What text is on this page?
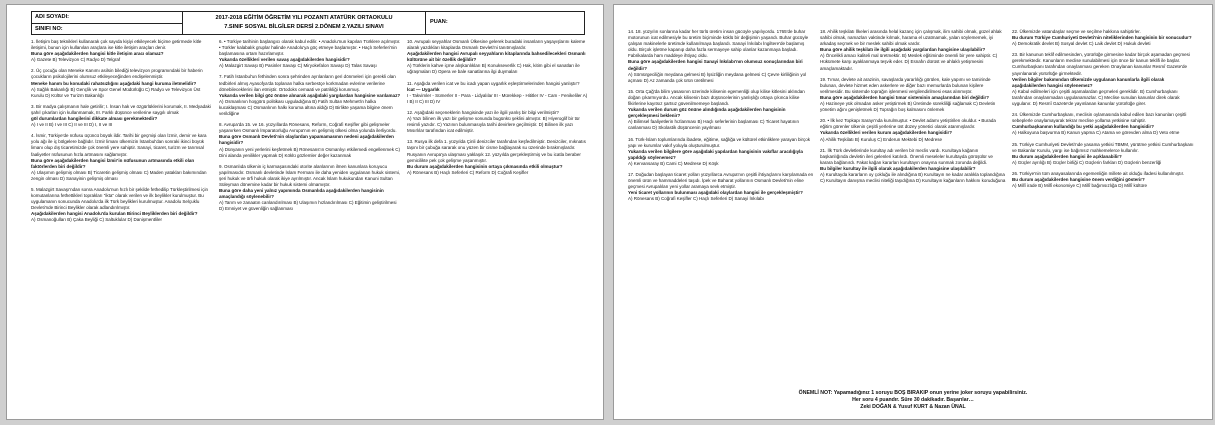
ADI SOYADI:
SINIFI NO:
2017-2018 EĞİTİM ÖĞRETİM YILI POZANTI ATATÜRK ORTAOKULU
7.SINIF SOSYAL BİLGİLER DERSİ 2.DÖNEM 2.YAZILI SINAVI
PUAN:

1. İletişim baş teknikleri kullanarak çok sayıda kişiyi etkileyecek biçime getirmede kitle iletişimi, bunun için kullanılan araçlara ise kitle iletişim araçları denir.

Buna göre aşağıdakilerden hangisi kitle iletişim aracı olamaz?

A) Gazete B) Televizyon C) Radyo D) Telgraf

2. Üç çocuğu olan Meneke Kanımı asilsin bilediği televizyon programındaki bir haberin çocukların psikolojilerini olumsuz etkileyeceğinden endişelenmiştir.

Meneke hanım bu konudaki rahatsızlığını aşağıdaki hangi kuruma iletmelidir?

A) Sağlık Bakanlığı B) Gençlik ve Spor Genel Müdürlüğü C) Radyo ve Televizyon Üst Kurulu D) Kültür ve Turizm Bakanlığı

3. Bir madya çalışmanın hale getirilir; I. İnsan hak ve özgürlüklerini korumak, II. Medyadaki şahıl çıkarları için kullanmamak, III. Farklı düşünce verilerine saygılı olmak

göl durumlardan hangilerini dikkate alması gerekmektedir?

A) I ve II B) I ve III C) II ve III D) I, II ve III

4. İsmir, Türkiye'de nüfusu üçüncü büyük ildir. Tarihi bir geçmişi olan İzmir, demir ve kara yolu ağı ile iç bölgelere bağlıdır. İzmir limanı ülkemizin İstanbul'dan sonraki ikinci büyük limanı olup dış ticaretimizde çok önemli yere sahiptir. Sanayi, ticaret, turizm ve tarımsal faaliyetler nüfusunun hızla artmasını sağlamıştır.

Buna göre aşağıdakilerden hangisi İzmir'in nüfusunun artmasında etkili olan faktörlerden biri değildir?

A) Ulaşımın gelişmiş olması B) Ticaretin gelişmiş olması C) Maden yatakları bakımından zengin olması D) Sanayinin gelişmiş olması

5. Malazgirt Savaşı'ndan sonra Anadolu'nun hızlı bir şekilde fethedilip Türkleştirilmesi için komutanlarına fethettikleri toprakları "ikta" olarak verilen ve ilk beylikler kurulmuştur. Bu uygulamanın sonucunda Anadolu'da ilk Türk beylikleri kurulmuştur. Anadolu Selçuklu Devleti'nde Birinci Beylikler olarak adlandırılmıştır.

Aşağıdakilerden hangisi Anadolu'da kurulan Birinci Beyliklerden biri değildir?

A) Osmanoğulları B) Çaka Beyliği C) Saltuklular D) Danişmentliler

6. • Türkiye tarihinin başlangıcı olarak kabul edilir. • Anadolu'nun kapıları Türklere açılmıştır. • Türkler kalabalık gruplar halinde Anadolu'ya göç etmeye başlamıştır. • Haçlı Seferleri'nin başlamasına ortam hazırlamıştır.

Yukarıda özellikleri verilen savaş aşağıdakilerden hangisidir?

A) Malazgirt Savaşı B) Pasinler Savaşı C) Miryokefalon Savaşı D) Talas Savaşı

7. Fatih İstanbul'un fethinden sonra şehrinden ayrılanların geri dönmeleri için gerekli olan tedbirleri almış Ayasofya'da toplanan halka serbestçe korkmadan evlerine verilerine dönebileceklerini ilan etmiştir. Ortodoks cemaati ve patrikliği korunmuş.

Yukarıda verilen bilgi göz önüne alınarak aşağıdaki yargılardan hangisine varılamaz?

A) Osmanlının hoşgörü politikası uyguladığına B) Fatih Sultan Mehmet'in halka kucaklaşması C) Osmanlının halkı koruma altına aldığı D) Birlikte yaşama bilgine önem verildiğine

8. Avrupa'da 15. ve 16. yüzyıllarda Rönesans, Reform, Coğrafi Keşifler gibi gelişmeler yaşanırken Osmanlı İmparatorluğu Avrupa'nın en gelişmiş ülkesi olma yolunda ilerliyordu.

Buna göre Osmanlı Devleti'nin olaylardan yapamamasının nedeni aşağıdakilerden hangisidir?

A) Dünyanın yeni yerlerini keşfetmek B) Rönesans'ın Osmanlıyı etkilemedi engellenmek C) Dini alanda yenilikler yapmak D) Köklü gözlemler değer kazanmak

9. Osmanlıda ülkenin iç karmaşasındaki otorite alanlarının ilmen kanunlara koruyucu yapılmasıdır. Osmanlı devletinde İslam Fermanı ile daha yeniden uygulanan hukuk sistemi, şeri hukuk ve örfi hukuk olarak ikiye ayrılmıştır. Ancak İslam hukukundan Kanuni Sultan Süleyman dönemine kadar bir hukuk sistemi olmamıştır.

Buna göre daha yeni yalnız yapımında Osmanlıda aşağıdakilerden hangisinin amaçlandığı söylenebilir?

A) Tarım ve zanaatın canlandırılması B) Ulaşımın hızlandırılması C) Eğitimin geliştirilmesi D) Emniyet ve güvenliğin sağlanması

10. Avrupalı seyyahlar Osmanlı Ülkesine gelerek buradaki insanların yaşayışlarını kaleme alarak yazdıkları kitaplarda Osmanlı Devleti'ni tanıtmışlardır.

Aşağıdakilerden hangisi Avrupalı seyyahların kitaplarında bahsedilecekleri Osmanlı kültürüne ait bir özellik değildir?

A) Türklerin kahve içme alışkanlıkları B) Konukseverlik C) Hak, kitim gibi el sanatları ile uğraşmaları D) Opera ve bale sanatlarına ilgi duymaları

11. Aşağıda verilen icat ve bu icadı yapan uygarlık eşleştirmelerinden hangisi yanlıştır?

İcat — Uygarlık

I - Takvimler - Sümerler II - Para - Lidyalılar III - Mürekkep - Hititler IV - Cam - Fenikeliler A) I B) II C) III D) IV

12. Aşağıdaki seçeneklerin hangisinde yazı ile ilgili yanlış bir bilgi verilmiştir?

A) Yazı bilinen ilk yazı bir gelişme sonunda bugünkü şeklini almıştır. B) Hiyeroglif bir tür resimli yazıdır. C) Yazının bulunmasıyla tarihi devirlere geçilmiştir. D) Bilinen ilk yazı Mısırlılar tarafından icat edilmiştir.

13. Rusya ilk defa 1. yüzyılda Çinli denizciler tarafından keşfedilmiştir. Denizciler, mıknatıs taşını bir çubuğa sararak onu yüzen bir cisme bağlayarak su üzerinde bırakmışlardır. Rusyanın Avrupa'ya ulaşması yaklaşık 12. yüzyılda gerçekleştirmiş ve bu icatla beraber gemicilikte pek çok gelişme yaşanmıştır.

Bu durum aşağıdakilerden hangisinin ortaya çıkmasında etkili olmuştur?

A) Rönesans B) Haçlı Seferleri C) Reform D) Coğrafi Keşifler

14. 18. yüzyılın sonlarına kadar her türlü üretim insan gücüyle yapılıyordu. 1765'de buhar motorunun icat edilmesiyle bu üretim biçiminde köklü bir değişimin yaşandı. Buhar gücüyle çalışan makinelerle üretimde kullanılmaya başlandı. Sanayi İnkılabı İngiltere'de başlamış oldu. Birçok işletme kapanıp daha fazla sermayeye sahip olanlar kazanmaya başladı. Fabrikalarda ham maddeye ihtiyaç oldu.

Buna göre aşağıdakilerden hangisi Sanayi İnkılabı'nın olumsuz sonuçlarından biri değildir?

A) Sömürgeciliğin meydana gelmesi B) İşsizliğin meydana gelmesi C) Çevre kirliliğinin yol açması D) Az zamanda çok ürün üretilmesi

15. Orta Çağ'da bilim yasasının üzerinde kilisenin egemenliği olup kilise kitlesini aklından doğan çıkarmıyordu. Ancak kilisenin bazı düşüncelerinin yanlışlığı ortaya çıkınca kilise fikirlerine kayıtsız şartsız güvenilmemeye başlandı.

Yukarıda verilen durum göz önüne alındığında aşağıdakilerden hangisinin gerçekleşmesi beklenir?

A) Bilimsel faaliyetlerin hızlanması B) Haçlı seferlerinin başlaması C) Ticaret hayatının canlanması D) Skolastik düşüncenin yayılması

16. Türk-İslam toplumlarında ibadete, eğitime, sağlığa ve kültürel etkinliklere yarayan birçok yapı ve kurumlar vakıf yoluyla oluşturulmuştur.

Yukarıda verilen bilgilere göre aşağıdaki yapılardan hangisinin vakıflar aracılığıyla yapıldığı söylenemez?

A) Kervansaray B) Cami C) Medrese D) Köşk

17. Doğudan başlayan ticaret yolları yüzyıllarca Avrupa'nın çeşitli ihtiyaçlarını karşılamada en önemli ürün ve hammaddeleri taşıdı. İpek ve Baharat yollarının Osmanlı Devleti'nin eline geçmesi Avrupalıları yeni yollar aramaya sevk etmiştir.

Yeni ticaret yollarının bulunması aşağıdaki olaylardan hangisi ile gerçekleşmiştir?

A) Rönesans B) Coğrafi Keşifler C) Haçlı Seferleri D) Sanayi İnkılabı

18. Ahilik teşkilatı İlkeleri arasında helal kazanç için çalışmak, ilim sahibi olmak, güzel ahlak sahibi olmak, namazları vaktinde kılmak, harama el uzatmamak, yalan söylememek, iyi arkadaş seçmek ve bir meslek sahibi olmak vardır.

Buna göre ahilik teşkilatı ile ilgili aşağıdaki yargılardan hangisine ulaşılabilir?

A) Öncelikli amacı kaliteli mal üretmektir. B) Meslek eğitiminde önemli bir yere sahiptir. C) Hükümete karşı ayaklanmaya teşvik eder. D) Esnafın dürüst ve ahlaklı yetişmesini amaçlamaktadır.

19. Tımar, devlete ait arazinin, savaşlarda yararlılığı görülen, kale yapımı ve tamirinde bulunan, devlete hizmet eden askerlere ve diğer bazı memurlarda bulunan kişilere verilmesidir. Bu sistemde toprağın işlenmesi vergilendirilmesi esas alınmıştır.

Buna göre aşağıdakilerden hangisi tımar sisteminin amaçlarından biri değildir?

A) Hazineye yük olmadan asker yetiştirmek B) Üretimde sürekliliği sağlamak C) Devletin yönetim ağını genişletmek D) Toprağın boş kalmasını önlemek

20. • İlk kez Topkapı Sarayı'nda kurulmuştur. • Devlet adamı yetiştirilen okuldur. • Burada eğitim görenler ülkenin çeşitli yerlerine üst düzey yönetici olarak atanmışlardır.

Yukarıda özellikleri verilen kurum aşağıdakilerden hangisidir?

A) Ahilik Teşkilatı B) Kuruluş C) Enderun Mektebi D) Medrese

21. İlk Türk devletlerinde kurultay adı verilen bir meclis vardı. Kurultaya kağanın başkanlığında devletin ileri gelenleri katılırdı. Önemli meseleler kurultayda görüşülür ve karara bağlanırdı. Fakat kağan kararları kurultayın onayına sunmak zorunda değildi.

Bu bilgiler kurultay ile ilgili olarak aşağıdakilerden hangisine ulaşılabilir?

A) Kurultayda kararların oy çokluğu ile alındığına B) Kurultayın ne kadar aralıkla toplandığına C) Kurultayın danışma meclisi niteliği taşıdığına D) Kurultayın kağanların hakkını koruduğuna

22. Ülkemizde vatandaşlar seçme ve seçilme hakkına sahiptirler.

Bu durum Türkiye Cumhuriyeti Devleti'nin niteliklerinden hangisinin bir sonucudur?

A) Demokratik devlet B) Sosyal devlet C) Laik devlet D) Hukuk devleti

23. Bir kanunun teklif edilmesinden, yürürlüğe girmesine kadar birçok aşamadan geçmesi gerekmektedir. Kanunların meclise sunulabilmesi için önce bir kanun teklifi ile başlar. Cumhurbaşkanı tarafından onaylanması gereken Onaylanan kanunlar Resmî Gazete'de yayınlanarak yürürlüğe girmektedir.

Verilen bilgiler bakımından ülkemizde uygulanan kanunlarla ilgili olarak aşağıdakilerden hangisi söylenemez?

A) Kabul edilmeleri için çeşitli aşamalardan geçmeleri gereklidir. B) Cumhurbaşkanı tarafından onaylanmadan uygulanamazlar. C) Meclise sunulan kanunlar direk olarak uygulanır. D) Resmî Gazete'de yayınlanan kanunlar yürürlüğe girer.

24. Ülkemizde Cumhurbaşkanı, meclisin oylamasında kabul edilen bazı kanunları çeşitli sebeplerle onaylamayarak tekrar meclise yollama yetkisine sahiptir.

Cumhurbaşkanının kullandığı bu yetki aşağıdakilerden hangisidir?

A) Halkoyuna başvurma B) Kanun yapma C) Atama ve görevden alma D) Veto etme

25. Türkiye Cumhuriyeti Devleti'nde yasama yetkisi TBMM, yürütme yetkisi Cumhurbaşkanı ve Bakanlar Kurulu, yargı ise bağımsız mahkemelerce kullanılır.

Bu durum aşağıdakilerden hangisi ile açıklanabilir?

A) Güçler ayrılığı B) Güçler birliği C) Güçlerin farkları D) Güçlerin benzerliği

26. Türkiye'nin tüm anayasalarında egemenliğin millete ait olduğu ifadesi kullanılmıştır.

Bu durum aşağıdakilerden hangisine önem verdiğini gösterir?

A) Millî irade B) Millî ekonomiye C) Millî bağımsızlığa D) Millî kültüre

ÖNEMLİ NOT: Yapamadığınız 1 soruyu BOŞ BIRAKIP onun yerine joker soruyu yapabilirsiniz.
Her soru 4 puandır. Süre 30 dakikadır. Başarılar…
Zeki DOĞAN & Yusuf KURT & Nazan ÜNAL
